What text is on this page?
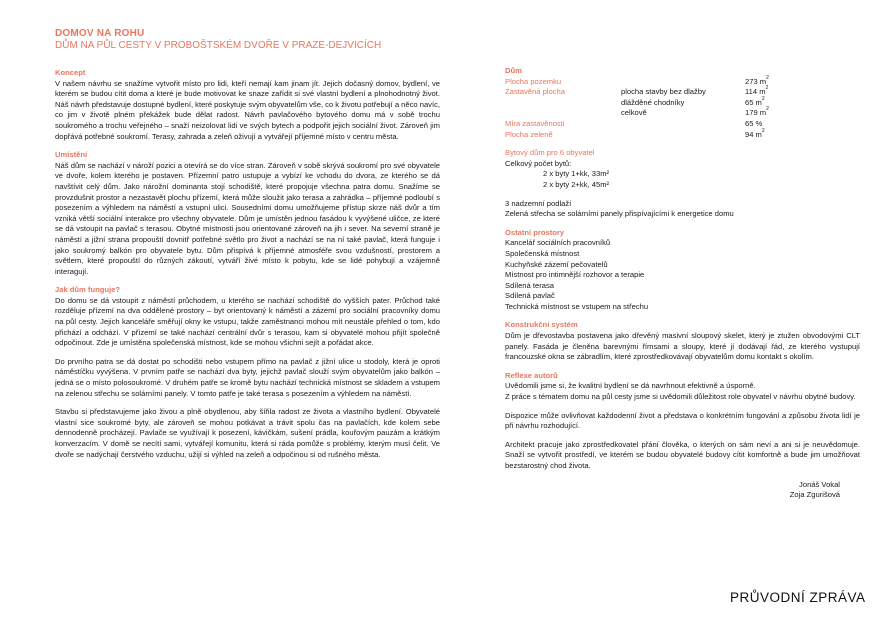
DOMOV NA ROHU
DŮM NA PŮL CESTY V PROBOŠTSKÉM DVOŘE V PRAZE-DEJVICÍCH
Koncept
V našem návrhu se snažíme vytvořit místo pro lidi, kteří nemají kam jinam jít. Jejich dočasný domov, bydlení, ve kterém se budou cítit doma a které je bude motivovat ke snaze zařídit si své vlastní bydlení a plnohodnotný život. Náš návrh představuje dostupné bydlení, které poskytuje svým obyvatelům vše, co k životu potřebují a něco navíc, co jim v životě plném překážek bude dělat radost. Návrh pavlačového bytového domu má v sobě trochu soukromého a trochu veřejného – snaží neizolovat lidi ve svých bytech a podpořit jejich sociální život. Zároveň jim dopřává potřebné soukromí. Terasy, zahrada a zeleň oživují a vytvářejí příjemné místo v centru města.
Umístění
Náš dům se nachází v nároží pozici a otevírá se do více stran. Zároveň v sobě skrývá soukromí pro své obyvatele ve dvoře, kolem kterého je postaven. Přízemní patro ustupuje a vybízí ke vchodu do dvora, ze kterého se dá navštívit celý dům. Jako nárožní dominanta stojí schodiště, které propojuje všechna patra domu. Snažíme se provzdušnit prostor a nezastavět plochu přízemí, která může sloužit jako terasa a zahrádka – příjemné podloubí s posezením a výhledem na náměstí a vstupní ulici. Sousedními domu umožňujeme přístup skrze náš dvůr a tím vzniká větší sociální interakce pro všechny obyvatele. Dům je umístěn jednou fasádou k vyvýšené uličce, ze které se dá vstoupit na pavlač s terasou. Obytné místnosti jsou orientované zároveň na jih i sever. Na severní straně je náměstí a jižní strana propouští dovnitř potřebné světlo pro život a nachází se na ní také pavlač, která funguje i jako soukromý balkón pro obyvatele bytu. Dům přispívá k příjemné atmosféře svou vzdušností, prostorem a světlem, které propouští do různých zákoutí, vytváří živé místo k pobytu, kde se lidé pohybují a vzájemně interagují.
Jak dům funguje?
Do domu se dá vstoupit z náměstí průchodem, u kterého se nachází schodiště do vyšších pater. Průchod také rozděluje přízemí na dva oddělené prostory – byt orientovaný k náměstí a zázemí pro sociální pracovníky domu na půl cesty. Jejich kanceláře směřují okny ke vstupu, takže zaměstnanci mohou mít neustále přehled o tom, kdo přichází a odchází. V přízemí se také nachází centrální dvůr s terasou, kam si obyvatelé mohou přijít společně odpočinout. Zde je umístěna společenská místnost, kde se mohou všichni sejít a pořádat akce.
Do prvního patra se dá dostat po schodišti nebo vstupem přímo na pavlač z jižní ulice u stodoly, která je oproti náměstíčku vyvýšena. V prvním patře se nachází dva byty, jejichž pavlač slouží svým obyvatelům jako balkón – jedná se o místo polosoukromé. V druhém patře se kromě bytu nachází technická místnost se skladem a vstupem na zelenou střechu se solárními panely. V tomto patře je také terasa s posezením a výhledem na náměstí.
Stavbu si představujeme jako živou a plně obydlenou, aby šířila radost ze života a vlastního bydlení. Obyvatelé vlastní sice soukromé byty, ale zároveň se mohou potkávat a trávit spolu čas na pavlačích, kde kolem sebe dennodenně procházejí. Pavlače se využívají k posezení, kávičkám, sušení prádla, kouřovým pauzám a krátkým konverzacím. V domě se necítí sami, vytvářejí komunitu, která si ráda pomůže s problémy, kterým musí čelit. Ve dvoře se nadýchají čerstvého vzduchu, užijí si výhled na zeleň a odpočinou si od rušného města.
Dům
Plocha pozemku	273 $m^2$
Zastavěná plocha	plocha stavby bez dlažby	114 $m^2$
dlážděné chodníky	65 $m^2$
celkově	179 $m^2$
Míra zastavěnosti	65 %
Plocha zeleně	94 $m^2$
Bytový dům pro 6 obyvatel
Celkový počet bytů:
2 x byty 1+kk, 33m²
2 x byty 2+kk, 45m²
3 nadzemní podlaží
Zelená střecha se solárními panely přispívajícími k energetice domu
Ostatní prostory
Kancelář sociálních pracovníků
Společenská místnost
Kuchyňské zázemí pečovatelů
Místnost pro intimnější rozhovor a terapie
Sdílená terasa
Sdílená pavlač
Technická místnost se vstupem na střechu
Konstrukční systém
Dům je dřevostavba postavena jako dřevěný masivní sloupový skelet, který je ztužen obvodovými CLT panely. Fasáda je členěna barevnými římsami a sloupy, které jí dodávají řád, ze kterého vystupují francouzské okna se zábradlím, které zprostředkovávají obyvatelům domu kontakt s okolím.
Reflexe autorů
Uvědomili jsme si, že kvalitní bydlení se dá navrhnout efektivně a úsporně.
Z práce s tématem domu na půl cesty jsme si uvědomili důležitost role obyvatel v návrhu obytné budovy.
Dispozice může ovlivňovat každodenní život a představa o konkrétním fungování a způsobu života lidí je při návrhu rozhodující.
Architekt pracuje jako zprostředkovatel přání člověka, o kterých on sám neví a ani si je neuvědomuje. Snaží se vytvořit prostředí, ve kterém se budou obyvatelé budovy cítit komfortně a bude jim umožňovat bezstarostný chod života.
Jonáš Vokal
Zoja Zgurišová
PRŮVODNÍ ZPRÁVA
